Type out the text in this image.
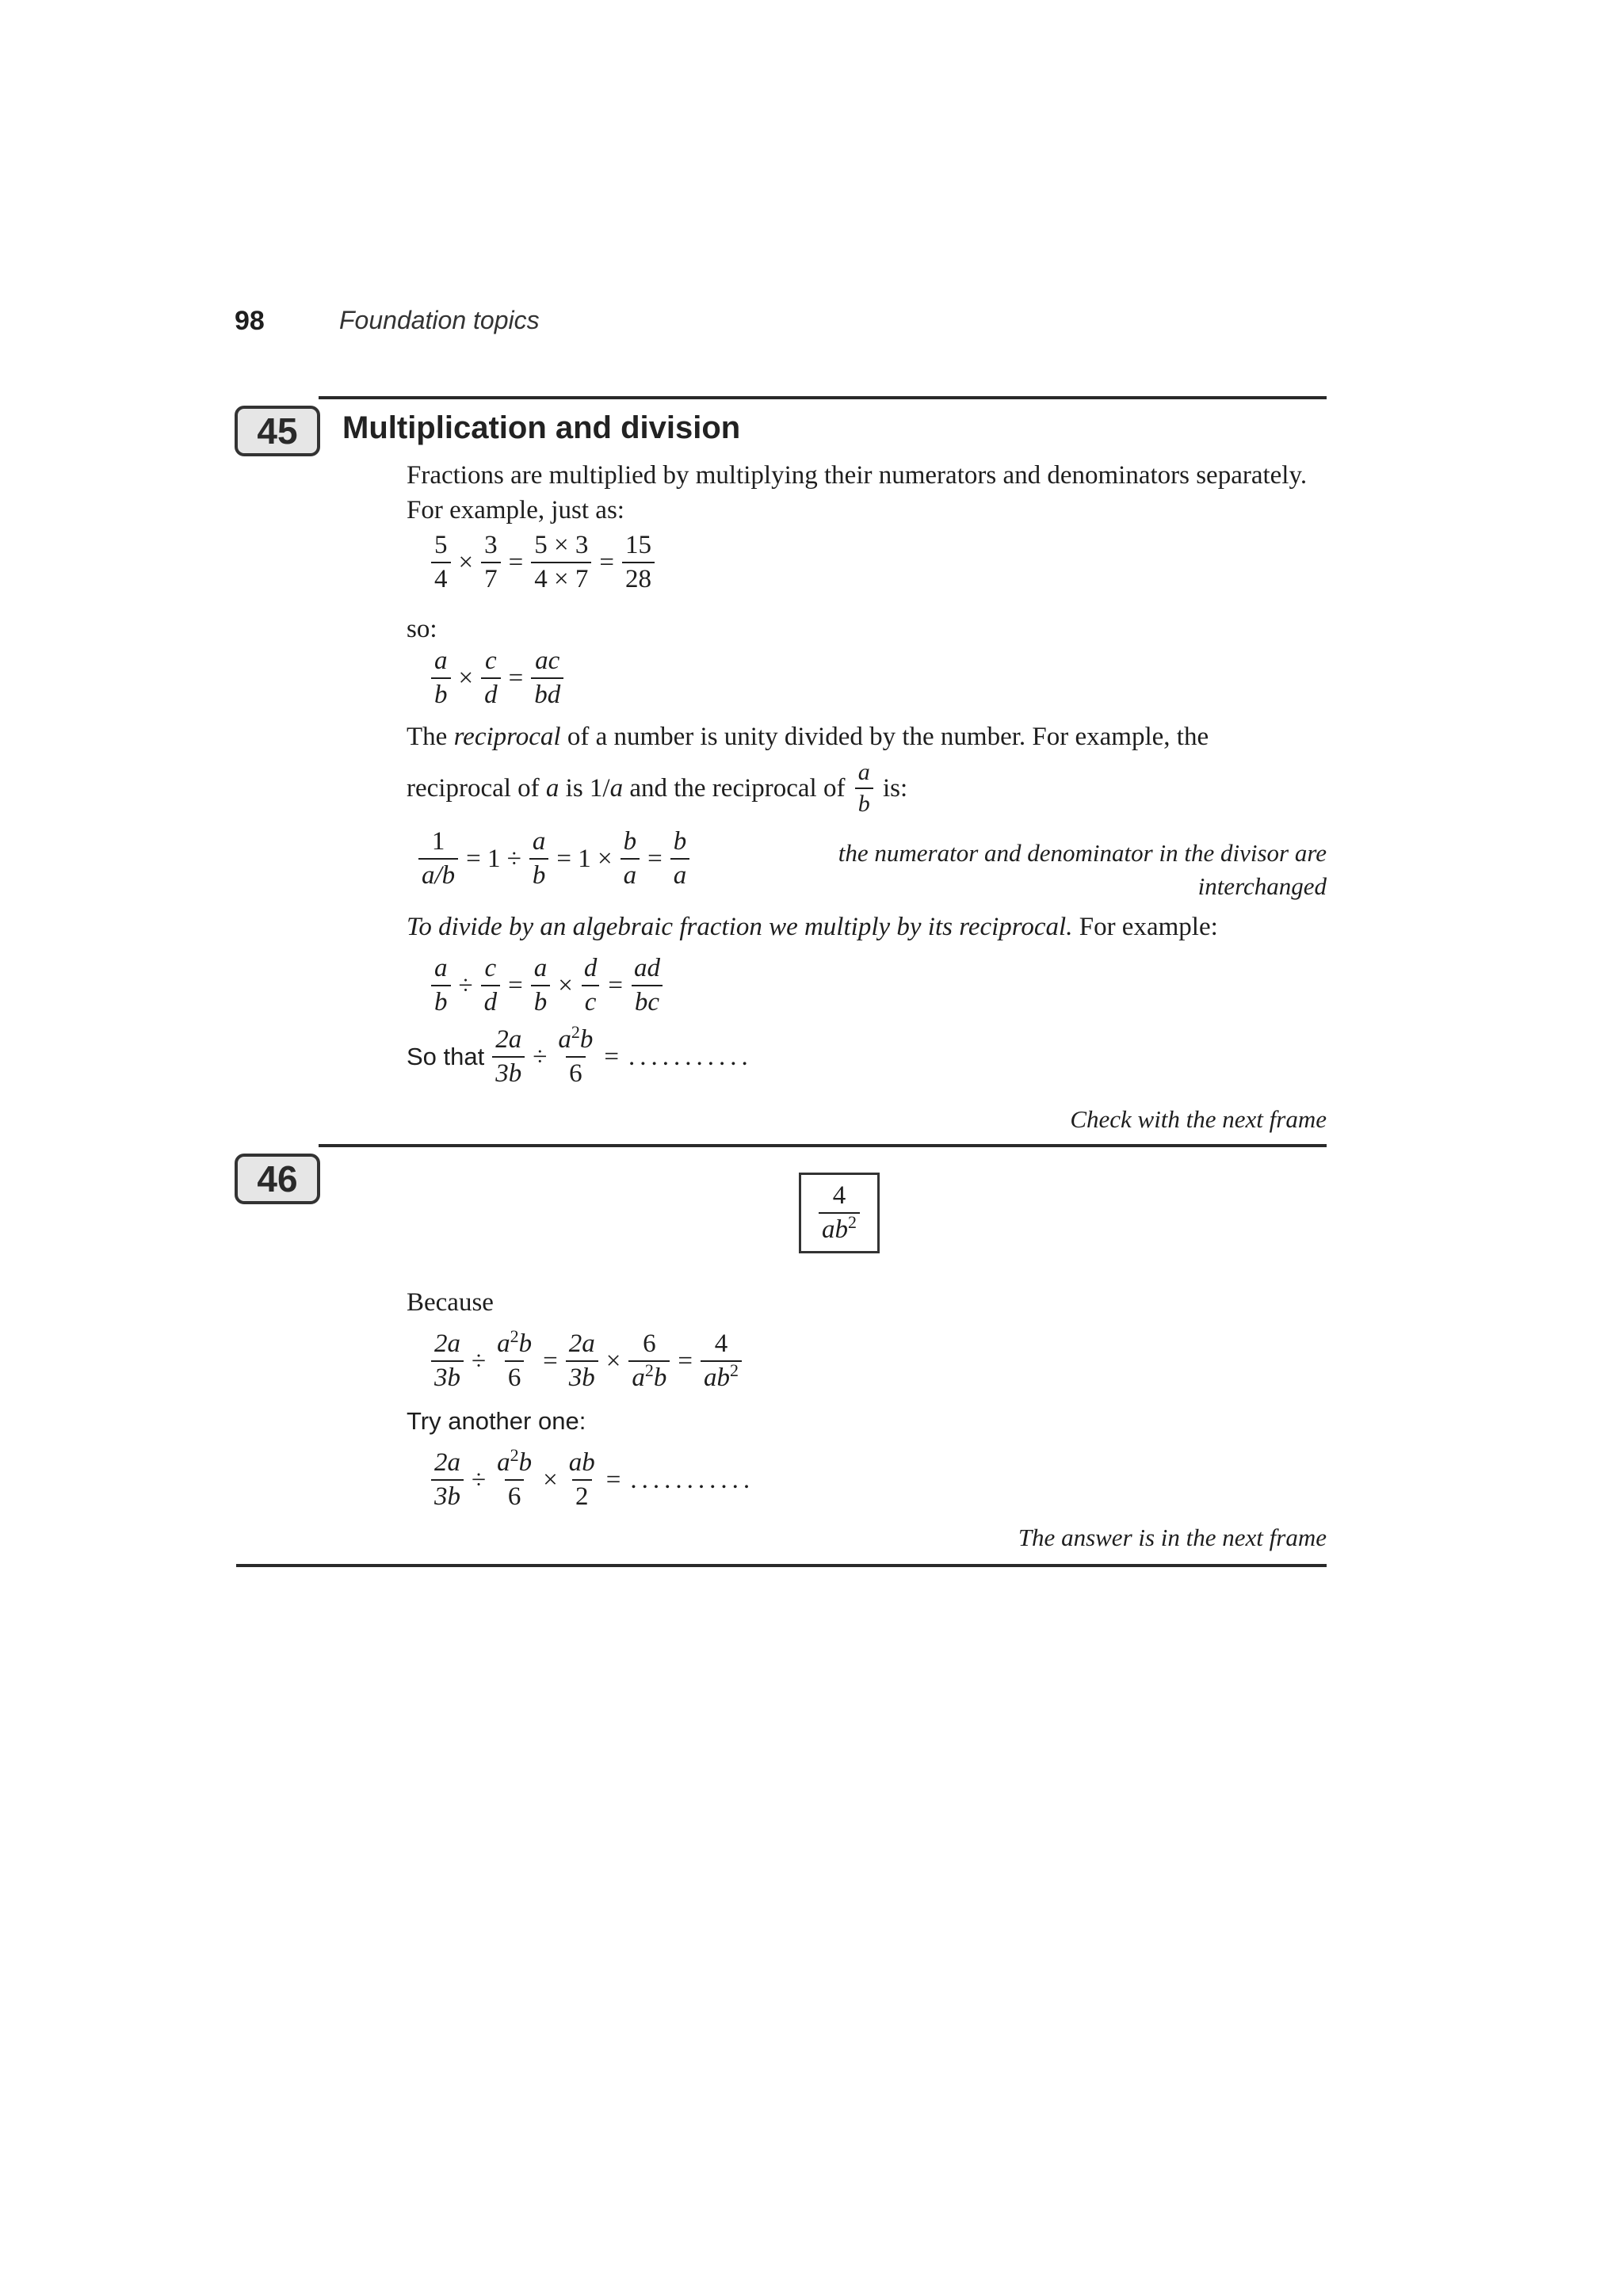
98	Foundation topics
45	Multiplication and division
Fractions are multiplied by multiplying their numerators and denominators separately. For example, just as:
$\frac{5}{4} \times \frac{3}{7} = \frac{5 \times 3}{4 \times 7} = \frac{15}{28}$
so:
$\frac{a}{b} \times \frac{c}{d} = \frac{ac}{bd}$
The reciprocal of a number is unity divided by the number. For example, the
reciprocal of a is 1/ a and the reciprocal of $\frac{a}{b}$ is:
$\frac{1}{a/b} = 1 \div \frac{a}{b} = 1 \times \frac{b}{a} = \frac{b}{a}$	the numerator and denominator in the divisor are
interchanged
To divide by an algebraic fraction we multiply by its reciprocal. For example:
$\frac{a}{b} \div \frac{c}{d} = \frac{a}{b} \times \frac{d}{c} = \frac{ad}{bc}$
So that $\frac{2a}{3b} \div \frac{a^2b}{6}$ = ...........
Check with the next frame
46
$\frac{4}{ab^2}$
Because
$\frac{2a}{3b} \div \frac{a^2b}{6} = \frac{2a}{3b} \times \frac{6}{a^2b} = \frac{4}{ab^2}$
Try another one:
$\frac{2a}{3b} \div \frac{a^2b}{6} \times \frac{ab}{2}$ = ...........
The answer is in the next frame
